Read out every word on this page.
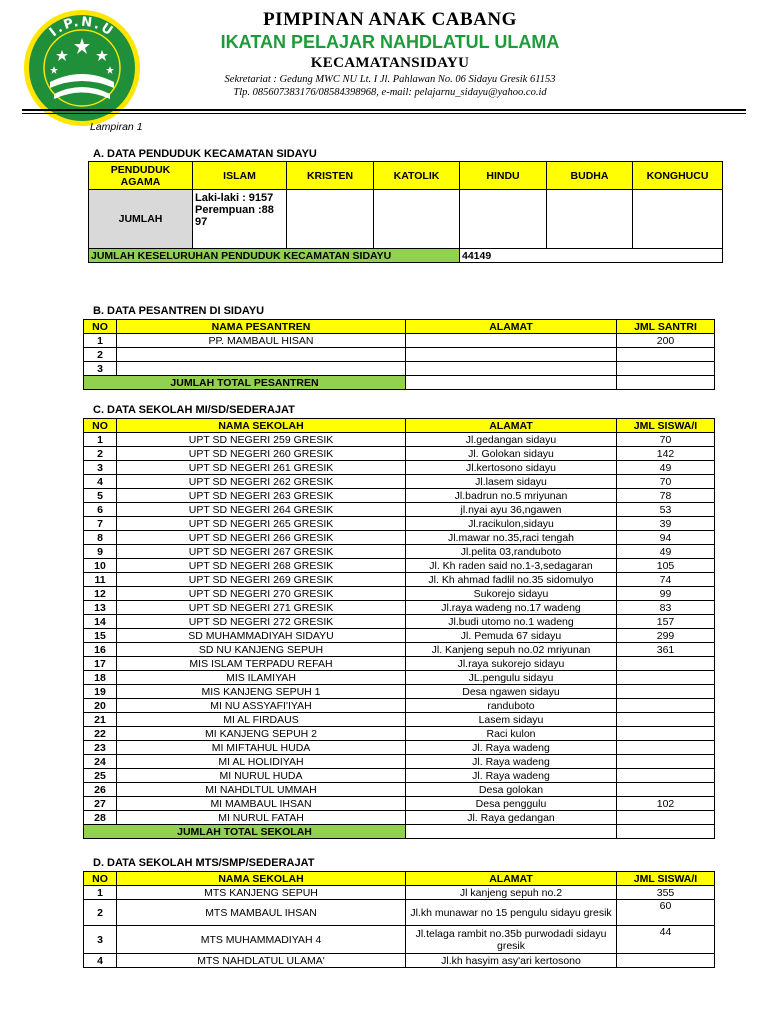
I.P.N.U
PIMPINAN ANAK CABANG
IKATAN PELAJAR NAHDLATUL ULAMA
KECAMATANSIDAYU
Sekretariat : Gedung MWC NU Lt. I Jl. Pahlawan No. 06 Sidayu Gresik 61153
Tlp. 085607383176/08584398968, e-mail: pelajarnu_sidayu@yahoo.co.id
Lampiran 1
A. DATA PENDUDUK KECAMATAN SIDAYU
PENDUDUK AGAMA	ISLAM	KRISTEN	KATOLIK	HINDU	BUDHA	KONGHUCU
JUMLAH	Laki-laki : 9157 Perempuan :88 97					
JUMLAH KESELURUHAN PENDUDUK KECAMATAN SIDAYU				44149		
B. DATA PESANTREN DI SIDAYU
NO	NAMA PESANTREN	ALAMAT	JML SANTRI
1	PP. MAMBAUL HISAN		200
2			
3			
JUMLAH TOTAL PESANTREN			
C. DATA SEKOLAH MI/SD/SEDERAJAT
NO	NAMA SEKOLAH	ALAMAT	JML SISWA/I
1	UPT SD NEGERI 259 GRESIK	Jl.gedangan sidayu	70
2	UPT SD NEGERI 260 GRESIK	Jl. Golokan sidayu	142
3	UPT SD NEGERI 261 GRESIK	Jl.kertosono sidayu	49
4	UPT SD NEGERI 262 GRESIK	Jl.lasem sidayu	70
5	UPT SD NEGERI 263 GRESIK	Jl.badrun no.5 mriyunan	78
6	UPT SD NEGERI 264 GRESIK	jl.nyai ayu 36,ngawen	53
7	UPT SD NEGERI 265 GRESIK	Jl.racikulon,sidayu	39
8	UPT SD NEGERI 266 GRESIK	Jl.mawar no.35,raci tengah	94
9	UPT SD NEGERI 267 GRESIK	Jl.pelita 03,randuboto	49
10	UPT SD NEGERI 268 GRESIK	Jl. Kh raden said no.1-3,sedagaran	105
11	UPT SD NEGERI 269 GRESIK	Jl. Kh ahmad fadlil no.35 sidomulyo	74
12	UPT SD NEGERI 270 GRESIK	Sukorejo sidayu	99
13	UPT SD NEGERI 271 GRESIK	Jl.raya wadeng no.17 wadeng	83
14	UPT SD NEGERI 272 GRESIK	Jl.budi utomo no.1 wadeng	157
15	SD MUHAMMADIYAH SIDAYU	Jl. Pemuda 67 sidayu	299
16	SD NU KANJENG SEPUH	Jl. Kanjeng sepuh no.02 mriyunan	361
17	MIS ISLAM TERPADU REFAH	Jl.raya sukorejo sidayu	
18	MIS ILAMIYAH	JL.pengulu sidayu	
19	MIS KANJENG SEPUH 1	Desa ngawen sidayu	
20	MI NU ASSYAFI'IYAH	randuboto	
21	MI AL FIRDAUS	Lasem sidayu	
22	MI KANJENG SEPUH 2	Raci kulon	
23	MI MIFTAHUL HUDA	Jl. Raya wadeng	
24	MI AL HOLIDIYAH	Jl. Raya wadeng	
25	MI NURUL HUDA	Jl. Raya wadeng	
26	MI NAHDLTUL UMMAH	Desa golokan	
27	MI MAMBAUL IHSAN	Desa penggulu	102
28	MI NURUL FATAH	Jl. Raya gedangan	
JUMLAH TOTAL SEKOLAH			
D. DATA SEKOLAH MTS/SMP/SEDERAJAT
NO	NAMA SEKOLAH	ALAMAT	JML SISWA/I
1	MTS KANJENG SEPUH	Jl kanjeng sepuh no.2	355
2	MTS MAMBAUL IHSAN	Jl.kh munawar no 15 pengulu sidayu gresik	60
3	MTS MUHAMMADIYAH 4	Jl.telaga rambit no.35b purwodadi sidayu gresik	44
4	MTS NAHDLATUL ULAMA'	Jl.kh hasyim asy'ari kertosono	
